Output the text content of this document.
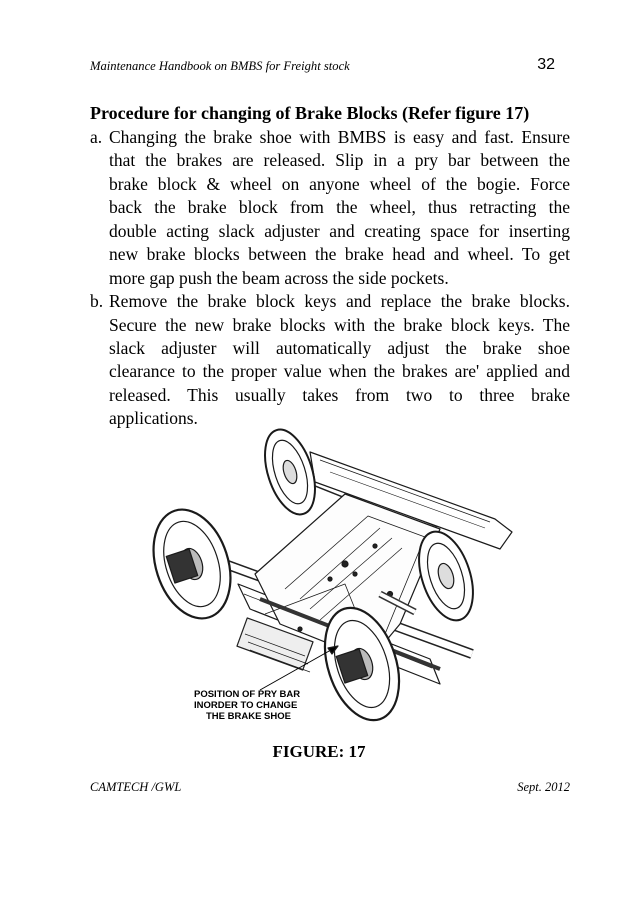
Maintenance Handbook on BMBS for Freight stock	32
Procedure for changing of Brake Blocks (Refer figure 17)
a. Changing the brake shoe with BMBS is easy and fast. Ensure
that the brakes are released. Slip in a pry bar between the
brake block & wheel on anyone wheel of the bogie. Force
back the brake block from the wheel, thus retracting the
double acting slack adjuster and creating space for inserting
new brake blocks between the brake head and wheel. To get
more gap push the beam across the side pockets.
b. Remove the brake block keys and replace the brake blocks.
Secure the new brake blocks with the brake block keys. The
slack adjuster will automatically adjust the brake shoe
clearance to the proper value when the brakes are' applied and
released. This usually takes from two to three brake
applications.
POSITION OF PRY BAR
INORDER TO CHANGE
THE BRAKE SHOE
FIGURE: 17
CAMTECH /GWL	Sept. 2012
